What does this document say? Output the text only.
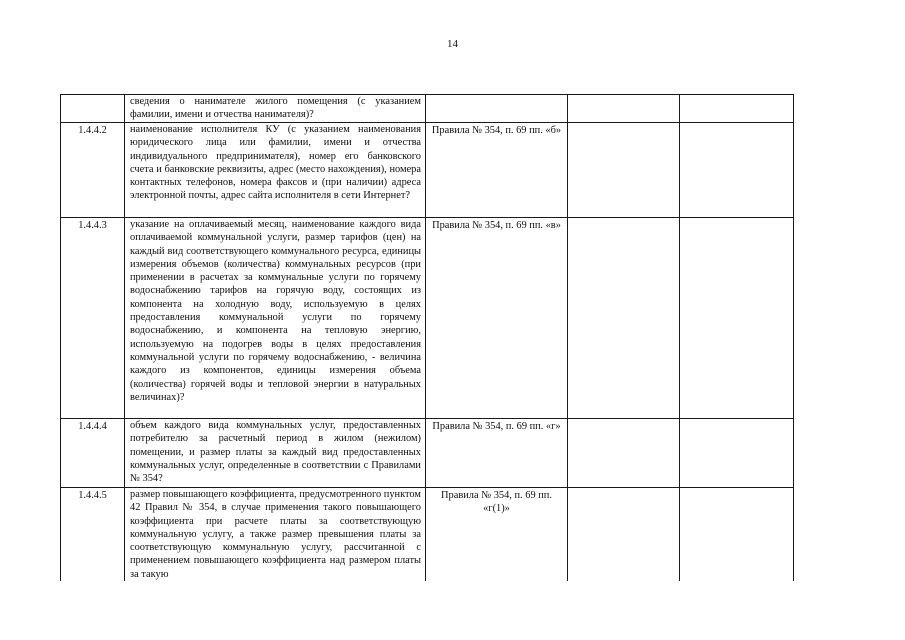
14
	сведения о нанимателе жилого помещения (с указанием фамилии, имени и отчества нанимателя)?			
1.4.4.2	наименование исполнителя КУ (с указанием наименования юридического лица или фамилии, имени и отчества индивидуального предпринимателя), номер его банковского счета и банковские реквизиты, адрес (место нахождения), номера контактных телефонов, номера факсов и (при наличии) адреса электронной почты, адрес сайта исполнителя в сети Интернет?	Правила № 354, п. 69 пп. «б»		
1.4.4.3	указание на оплачиваемый месяц, наименование каждого вида оплачиваемой коммунальной услуги, размер тарифов (цен) на каждый вид соответствующего коммунального ресурса, единицы измерения объемов (количества) коммунальных ресурсов (при применении в расчетах за коммунальные услуги по горячему водоснабжению тарифов на горячую воду, состоящих из компонента на холодную воду, используемую в целях предоставления коммунальной услуги по горячему водоснабжению, и компонента на тепловую энергию, используемую на подогрев воды в целях предоставления коммунальной услуги по горячему водоснабжению, - величина каждого из компонентов, единицы измерения объема (количества) горячей воды и тепловой энергии в натуральных величинах)?	Правила № 354, п. 69 пп. «в»		
1.4.4.4	объем каждого вида коммунальных услуг, предоставленных потребителю за расчетный период в жилом (нежилом) помещении, и размер платы за каждый вид предоставленных коммунальных услуг, определенные в соответствии с Правилами № 354?	Правила № 354, п. 69 пп. «г»		
1.4.4.5	размер повышающего коэффициента, предусмотренного пунктом 42 Правил № 354, в случае применения такого повышающего коэффициента при расчете платы за соответствующую коммунальную услугу, а также размер превышения платы за соответствующую коммунальную услугу, рассчитанной с применением повышающего коэффициента над размером платы за такую	Правила № 354, п. 69 пп. «г(1)»		
